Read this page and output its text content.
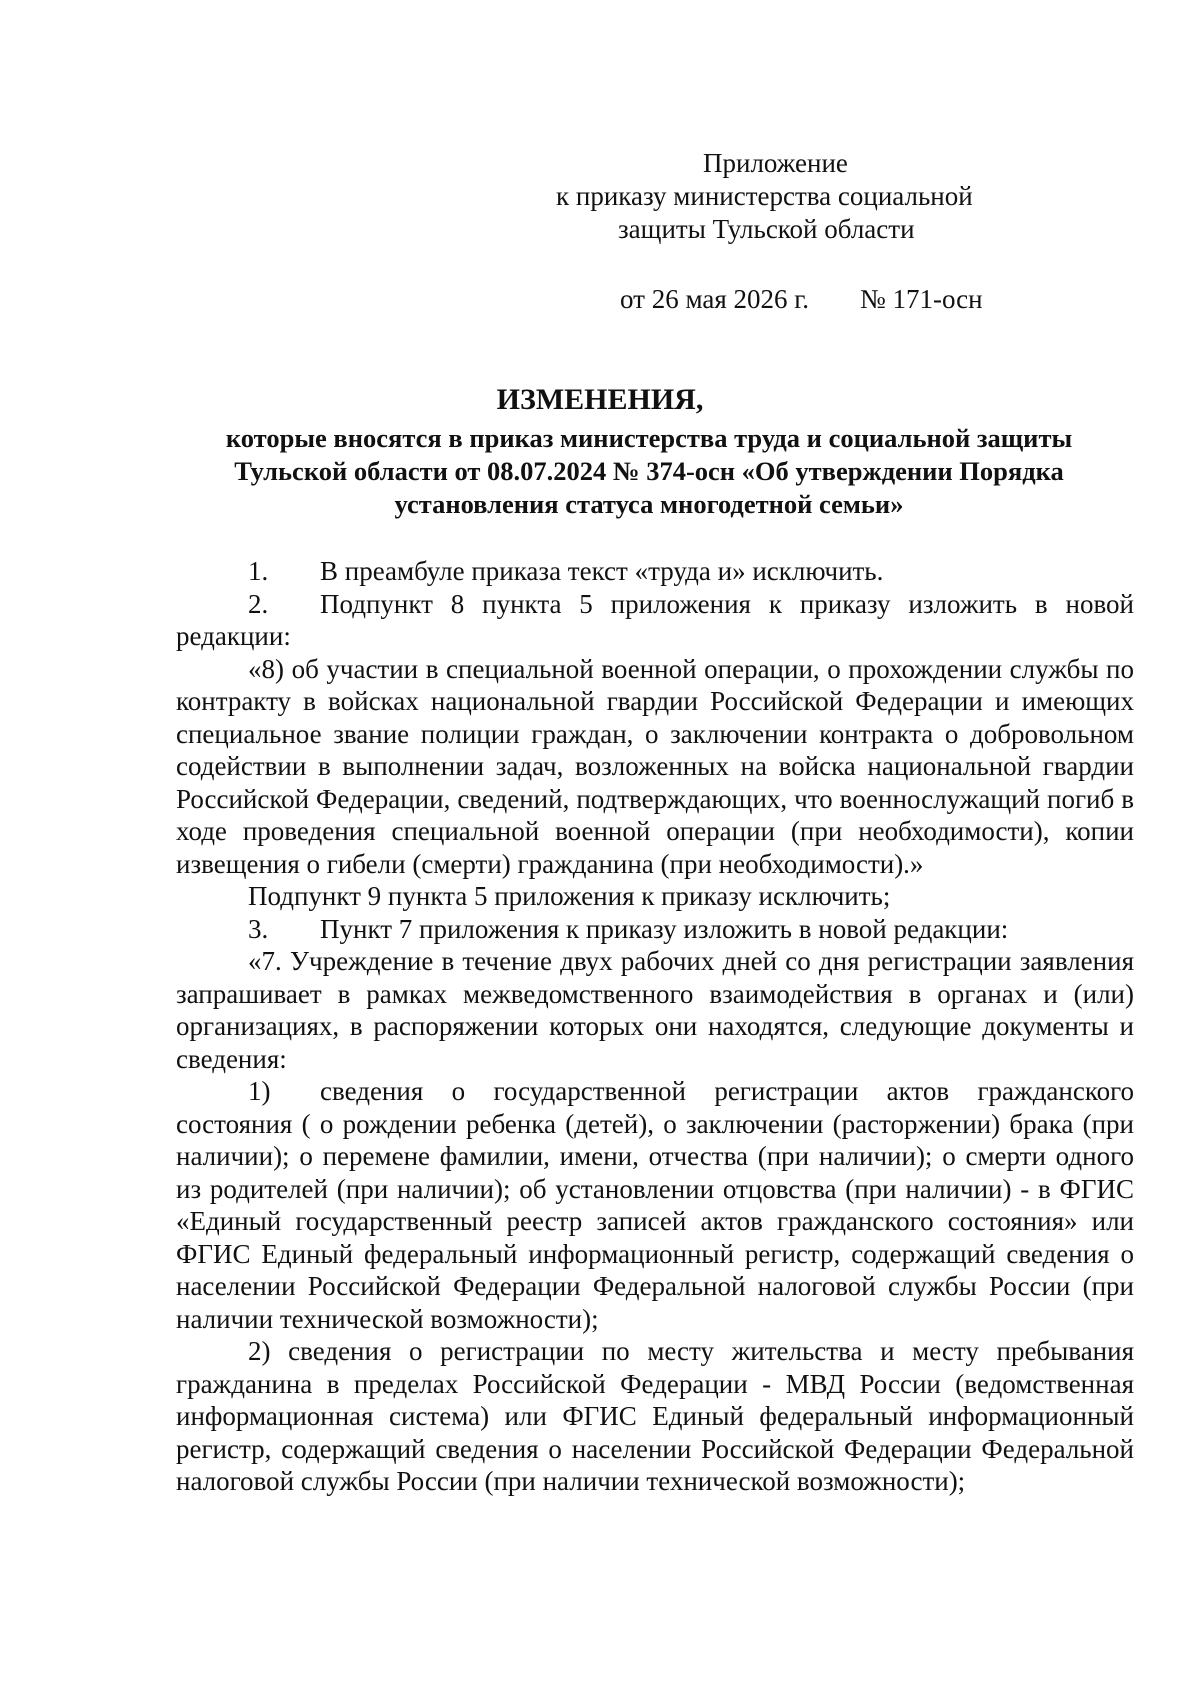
Приложение
к приказу министерства социальной
защиты Тульской области
от 26 мая 2026 г. № 171-осн
ИЗМЕНЕНИЯ,
которые вносятся в приказ министерства труда и социальной защиты Тульской области от 08.07.2024 № 374-осн «Об утверждении Порядка установления статуса многодетной семьи»

1. В преамбуле приказа текст «труда и» исключить.

2. Подпункт 8 пункта 5 приложения к приказу изложить в новой редакции:

«8) об участии в специальной военной операции, о прохождении службы по контракту в войсках национальной гвардии Российской Федерации и имеющих специальное звание полиции граждан, о заключении контракта о добровольном содействии в выполнении задач, возложенных на войска национальной гвардии Российской Федерации, сведений, подтверждающих, что военнослужащий погиб в ходе проведения специальной военной операции (при необходимости), копии извещения о гибели (смерти) гражданина (при необходимости).»

Подпункт 9 пункта 5 приложения к приказу исключить;

3. Пункт 7 приложения к приказу изложить в новой редакции:

«7. Учреждение в течение двух рабочих дней со дня регистрации заявления запрашивает в рамках межведомственного взаимодействия в органах и (или) организациях, в распоряжении которых они находятся, следующие документы и сведения:

1) сведения о государственной регистрации актов гражданского состояния ( о рождении ребенка (детей), о заключении (расторжении) брака (при наличии); о перемене фамилии, имени, отчества (при наличии); о смерти одного из родителей (при наличии); об установлении отцовства (при наличии) - в ФГИС «Единый государственный реестр записей актов гражданского состояния» или ФГИС Единый федеральный информационный регистр, содержащий сведения о населении Российской Федерации Федеральной налоговой службы России (при наличии технической возможности);

2) сведения о регистрации по месту жительства и месту пребывания гражданина в пределах Российской Федерации - МВД России (ведомственная информационная система) или ФГИС Единый федеральный информационный регистр, содержащий сведения о населении Российской Федерации Федеральной налоговой службы России (при наличии технической возможности);
